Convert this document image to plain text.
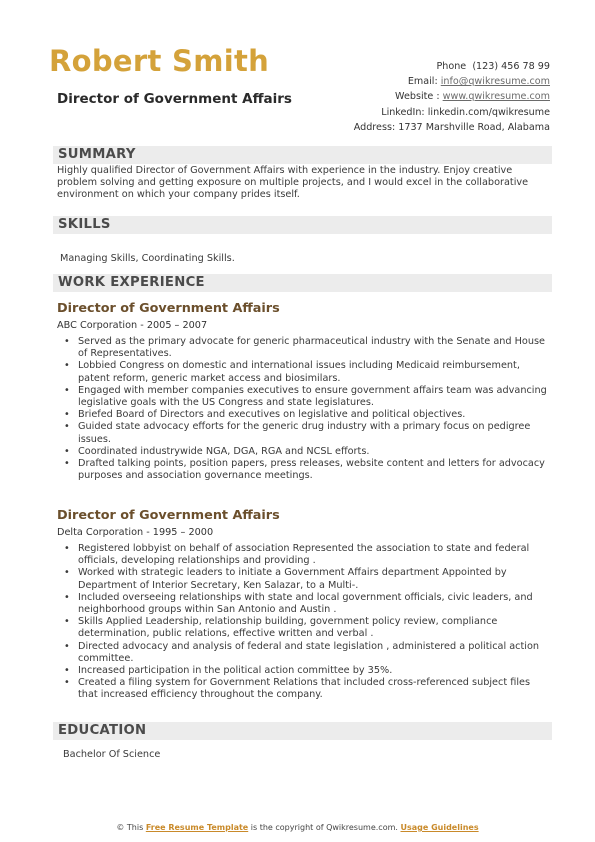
Robert Smith
Director of Government Affairs
Phone (123) 456 78 99
Email: info@qwikresume.com
Website : www.qwikresume.com
LinkedIn: linkedin.com/qwikresume
Address: 1737 Marshville Road, Alabama
SUMMARY
Highly qualified Director of Government Affairs with experience in the industry. Enjoy creative problem solving and getting exposure on multiple projects, and I would excel in the collaborative environment on which your company prides itself.
SKILLS
Managing Skills, Coordinating Skills.
WORK EXPERIENCE
Director of Government Affairs
ABC Corporation - 2005 – 2007
• Served as the primary advocate for generic pharmaceutical industry with the Senate and House of Representatives.
• Lobbied Congress on domestic and international issues including Medicaid reimbursement, patent reform, generic market access and biosimilars.
• Engaged with member companies executives to ensure government affairs team was advancing legislative goals with the US Congress and state legislatures.
• Briefed Board of Directors and executives on legislative and political objectives.
• Guided state advocacy efforts for the generic drug industry with a primary focus on pedigree issues.
• Coordinated industrywide NGA, DGA, RGA and NCSL efforts.
• Drafted talking points, position papers, press releases, website content and letters for advocacy purposes and association governance meetings.
Director of Government Affairs
Delta Corporation - 1995 – 2000
• Registered lobbyist on behalf of association Represented the association to state and federal officials, developing relationships and providing .
• Worked with strategic leaders to initiate a Government Affairs department Appointed by Department of Interior Secretary, Ken Salazar, to a Multi-.
• Included overseeing relationships with state and local government officials, civic leaders, and neighborhood groups within San Antonio and Austin .
• Skills Applied Leadership, relationship building, government policy review, compliance determination, public relations, effective written and verbal .
• Directed advocacy and analysis of federal and state legislation , administered a political action committee.
• Increased participation in the political action committee by 35%.
• Created a filing system for Government Relations that included cross-referenced subject files that increased efficiency throughout the company.
EDUCATION
Bachelor Of Science
© This Free Resume Template is the copyright of Qwikresume.com. Usage Guidelines
